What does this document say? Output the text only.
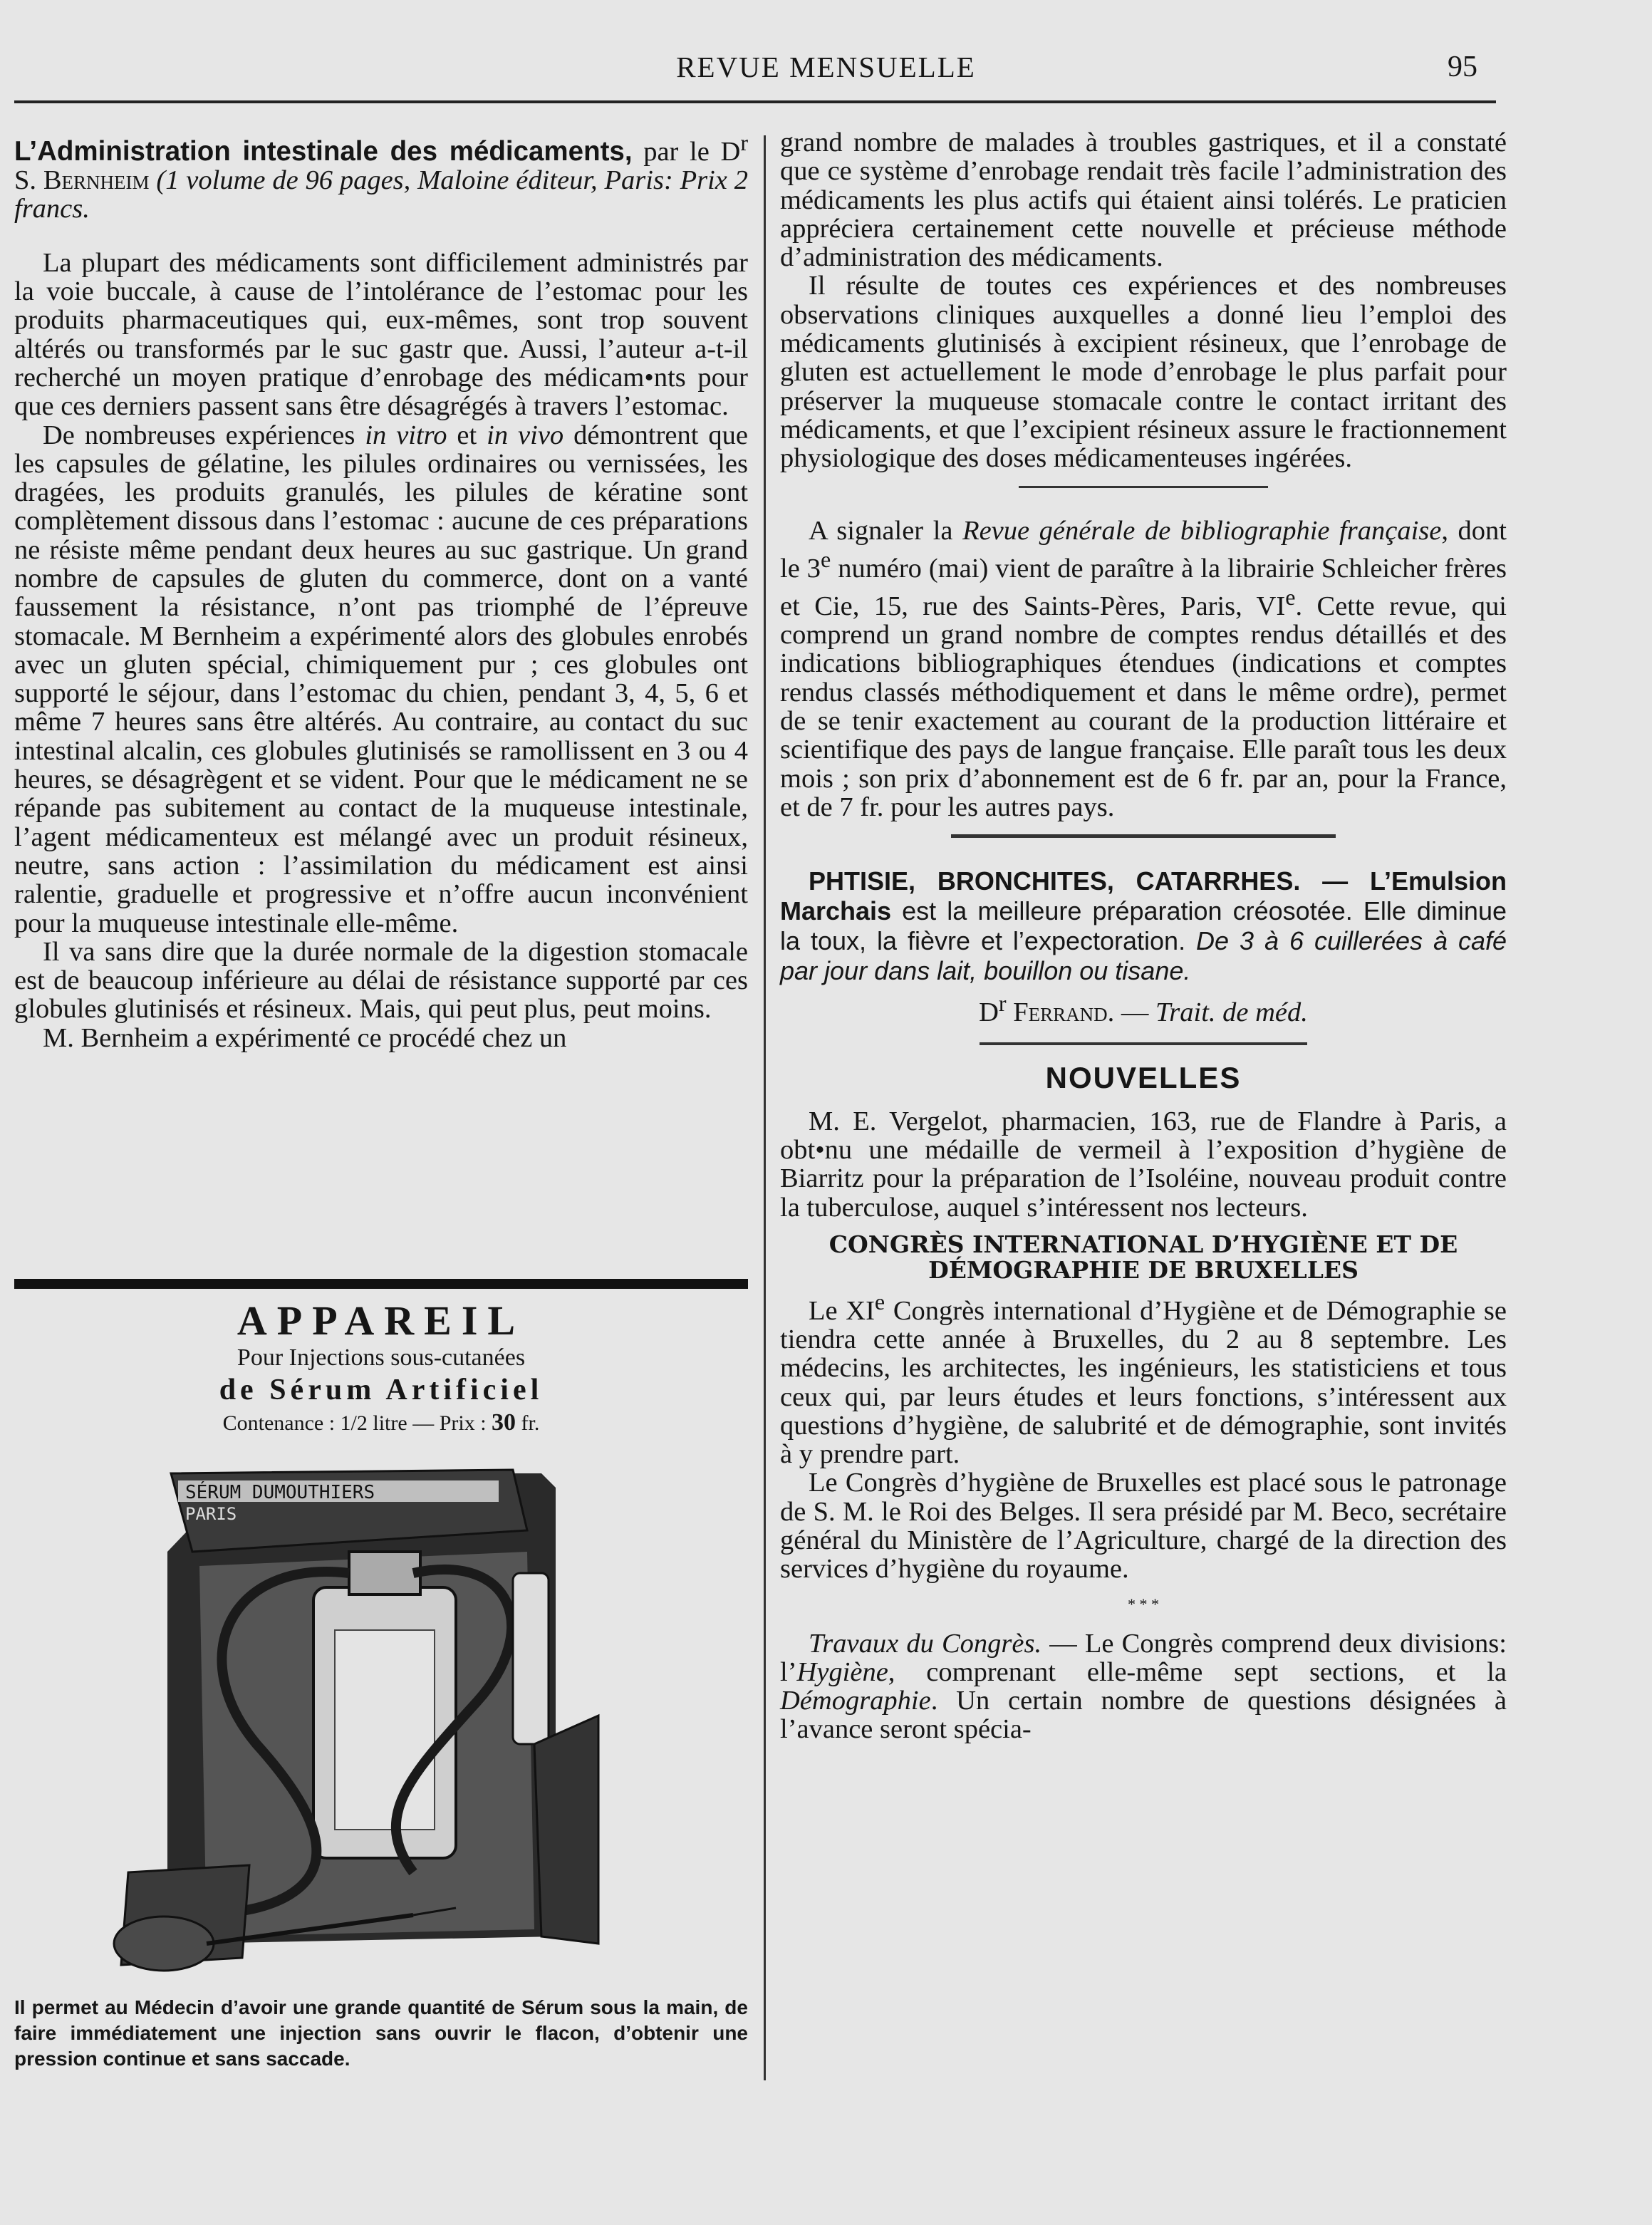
REVUE MENSUELLE	95

L’Administration intestinale des médicaments, par le $D^r$ S. Bernheim (1 volume de 96 pages, Maloine éditeur, Paris: Prix 2 francs.

La plupart des médicaments sont difficilement administrés par la voie buccale, à cause de l’intolérance de l’estomac pour les produits pharmaceutiques qui, eux-mêmes, sont trop souvent altérés ou transformés par le suc gastr que. Aussi, l’auteur a-t-il recherché un moyen pratique d’enrobage des médicam•nts pour que ces derniers passent sans être désagrégés à travers l’estomac.

De nombreuses expériences in vitro et in vivo démontrent que les capsules de gélatine, les pilules ordinaires ou vernissées, les dragées, les produits granulés, les pilules de kératine sont complètement dissous dans l’estomac : aucune de ces préparations ne résiste même pendant deux heures au suc gastrique. Un grand nombre de capsules de gluten du commerce, dont on a vanté faussement la résistance, n’ont pas triomphé de l’épreuve stomacale. M Bernheim a expérimenté alors des globules enrobés avec un gluten spécial, chimiquement pur ; ces globules ont supporté le séjour, dans l’estomac du chien, pendant 3, 4, 5, 6 et même 7 heures sans être altérés. Au contraire, au contact du suc intestinal alcalin, ces globules glutinisés se ramollissent en 3 ou 4 heures, se désagrègent et se vident. Pour que le médicament ne se répande pas subitement au contact de la muqueuse intestinale, l’agent médicamenteux est mélangé avec un produit résineux, neutre, sans action : l’assimilation du médicament est ainsi ralentie, graduelle et progressive et n’offre aucun inconvénient pour la muqueuse intestinale elle-même.

Il va sans dire que la durée normale de la digestion stomacale est de beaucoup inférieure au délai de résistance supporté par ces globules glutinisés et résineux. Mais, qui peut plus, peut moins.

M. Bernheim a expérimenté ce procédé chez un

APPAREIL
Pour Injections sous-cutanées
de Sérum Artificiel
Contenance : 1/2 litre — Prix : 30 fr.
SÉRUM DUMOUTHIERS
PARIS
Il permet au Médecin d’avoir une grande quantité de Sérum sous la main, de faire immédiatement une injection sans ouvrir le flacon, d’obtenir une pression continue et sans saccade.

grand nombre de malades à troubles gastriques, et il a constaté que ce système d’enrobage rendait très facile l’administration des médicaments les plus actifs qui étaient ainsi tolérés. Le praticien appréciera certainement cette nouvelle et précieuse méthode d’administration des médicaments.

Il résulte de toutes ces expériences et des nombreuses observations cliniques auxquelles a donné lieu l’emploi des médicaments glutinisés à excipient résineux, que l’enrobage de gluten est actuellement le mode d’enrobage le plus parfait pour préserver la muqueuse stomacale contre le contact irritant des médicaments, et que l’excipient résineux assure le fractionnement physiologique des doses médicamenteuses ingérées.

A signaler la Revue générale de bibliographie française, dont le 3e numéro (mai) vient de paraître à la librairie Schleicher frères et Cie, 15, rue des Saints-Pères, Paris, VIe. Cette revue, qui comprend un grand nombre de comptes rendus détaillés et des indications bibliographiques étendues (indications et comptes rendus classés méthodiquement et dans le même ordre), permet de se tenir exactement au courant de la production littéraire et scientifique des pays de langue française. Elle paraît tous les deux mois ; son prix d’abonnement est de 6 fr. par an, pour la France, et de 7 fr. pour les autres pays.

PHTISIE, BRONCHITES, CATARRHES. — L’Emulsion Marchais est la meilleure préparation créosotée. Elle diminue la toux, la fièvre et l’expectoration. De 3 à 6 cuillerées à café par jour dans lait, bouillon ou tisane.

$D^r$ Ferrand. — Trait. de méd.

NOUVELLES

M. E. Vergelot, pharmacien, 163, rue de Flandre à Paris, a obt•nu une médaille de vermeil à l’exposition d’hygiène de Biarritz pour la préparation de l’Isoléine, nouveau produit contre la tuberculose, auquel s’intéressent nos lecteurs.

CONGRÈS INTERNATIONAL D’HYGIÈNE ET DE
DÉMOGRAPHIE DE BRUXELLES

Le XIe Congrès international d’Hygiène et de Démographie se tiendra cette année à Bruxelles, du 2 au 8 septembre. Les médecins, les architectes, les ingénieurs, les statisticiens et tous ceux qui, par leurs études et leurs fonctions, s’intéressent aux questions d’hygiène, de salubrité et de démographie, sont invités à y prendre part.

Le Congrès d’hygiène de Bruxelles est placé sous le patronage de S. M. le Roi des Belges. Il sera présidé par M. Beco, secrétaire général du Ministère de l’Agriculture, chargé de la direction des services d’hygiène du royaume.

* * *

Travaux du Congrès. — Le Congrès comprend deux divisions: l’Hygiène, comprenant elle-même sept sections, et la Démographie. Un certain nombre de questions désignées à l’avance seront spécia-
